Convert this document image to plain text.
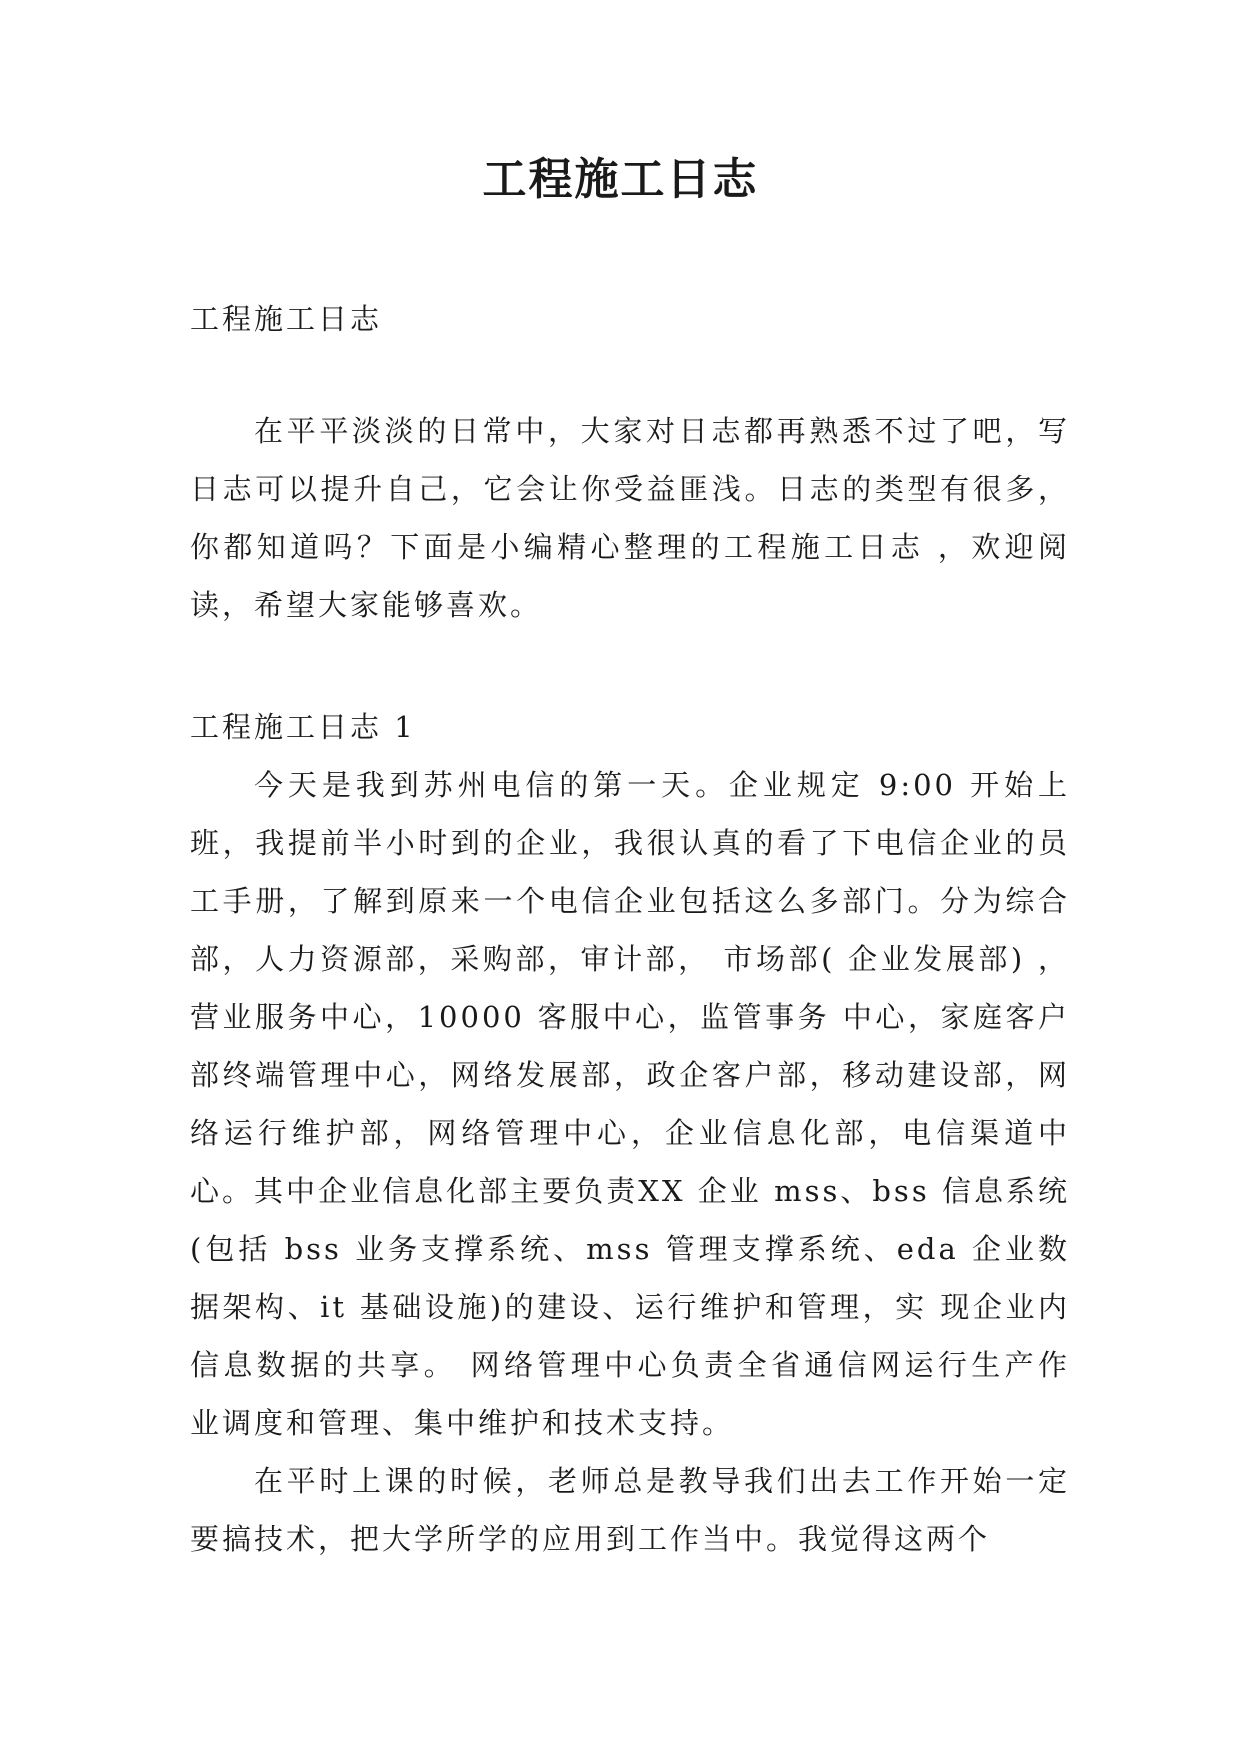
工程施工日志

工程施工日志

在平平淡淡的日常中，大家对日志都再熟悉不过了吧，写日志可以提升自己，它会让你受益匪浅。日志的类型有很多，你都知道吗？下面是小编精心整理的工程施工日志 ，欢迎阅读，希望大家能够喜欢。

工程施工日志 1

今天是我到苏州电信的第一天。企业规定 9:00 开始上班，我提前半小时到的企业，我很认真的看了下电信企业的员工手册，了解到原来一个电信企业包括这么多部门。分为综合部，人力资源部，采购部，审计部， 市场部( 企业发展部) ，营业服务中心，10000 客服中心，监管事务 中心，家庭客户部终端管理中心，网络发展部，政企客户部，移动建设部，网络运行维护部，网络管理中心，企业信息化部，电信渠道中心。其中企业信息化部主要负责XX 企业 mss、bss 信息系统(包括 bss 业务支撑系统、mss 管理支撑系统、eda 企业数据架构、it 基础设施)的建设、运行维护和管理，实 现企业内信息数据的共享。 网络管理中心负责全省通信网运行生产作 业调度和管理、集中维护和技术支持。

在平时上课的时候，老师总是教导我们出去工作开始一定要搞技术，把大学所学的应用到工作当中。我觉得这两个
